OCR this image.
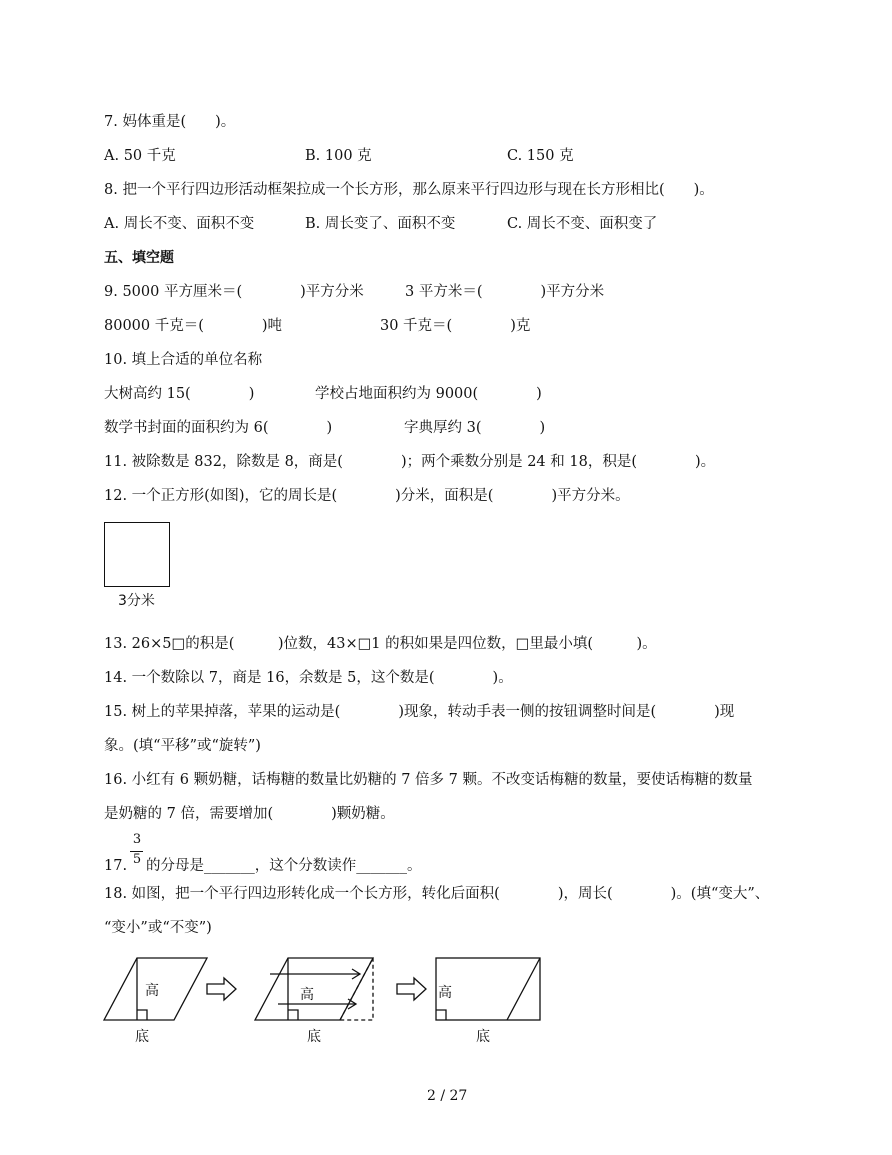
7. 妈体重是(　　)。
A. 50 千克	B. 100 克	C. 150 克
8. 把一个平行四边形活动框架拉成一个长方形，那么原来平行四边形与现在长方形相比(　　)。
A. 周长不变、面积不变	B. 周长变了、面积不变	C. 周长不变、面积变了
五、填空题
9. 5000 平方厘米＝(　　　　)平方分米	3 平方米＝(　　　　)平方分米
80000 千克＝(　　　　)吨	30 千克＝(　　　　)克
10. 填上合适的单位名称
大树高约 15(　　　　)	学校占地面积约为 9000(　　　　)
数学书封面的面积约为 6(　　　　)	字典厚约 3(　　　　)
11. 被除数是 832，除数是 8，商是(　　　　)；两个乘数分别是 24 和 18，积是(　　　　)。
12. 一个正方形(如图)，它的周长是(　　　　)分米，面积是(　　　　)平方分米。
3分米
13. 26×5□的积是(　　　)位数，43×□1 的积如果是四位数，□里最小填(　　　)。
14. 一个数除以 7，商是 16，余数是 5，这个数是(　　　　)。
15. 树上的苹果掉落，苹果的运动是(　　　　)现象，转动手表一侧的按钮调整时间是(　　　　)现
象。(填“平移”或“旋转”)
16. 小红有 6 颗奶糖，话梅糖的数量比奶糖的 7 倍多 7 颗。不改变话梅糖的数量，要使话梅糖的数量
是奶糖的 7 倍，需要增加(　　　　)颗奶糖。
17.
3
5 的分母是_______，这个分数读作_______。
18. 如图，把一个平行四边形转化成一个长方形，转化后面积(　　　　)，周长(　　　　)。(填“变大”、
“变小”或“不变”)
高
底
高
底
高
底
2 / 27
